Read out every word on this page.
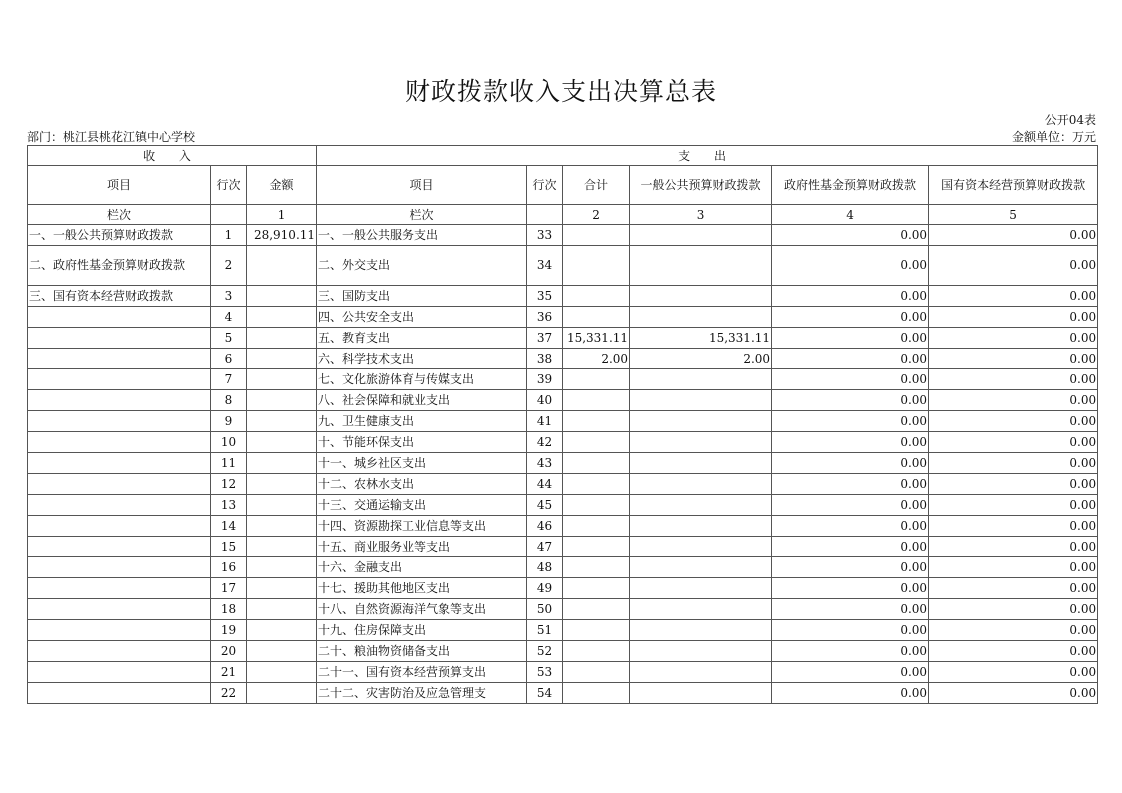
财政拨款收入支出决算总表
公开04表
部门：桃江县桃花江镇中心学校	金额单位：万元
收 入			支 出					
项目	行次	金额	项目	行次	合计	一般公共预算财政拨款	政府性基金预算财政拨款	国有资本经营预算财政拨款
栏次		1	栏次		2	3	4	5
一、一般公共预算财政拨款	1	28,910.11	一、一般公共服务支出	33			0.00	0.00
二、政府性基金预算财政拨款	2		二、外交支出	34			0.00	0.00
三、国有资本经营财政拨款	3		三、国防支出	35			0.00	0.00
	4		四、公共安全支出	36			0.00	0.00
	5		五、教育支出	37	15,331.11	15,331.11	0.00	0.00
	6		六、科学技术支出	38	2.00	2.00	0.00	0.00
	7		七、文化旅游体育与传媒支出	39			0.00	0.00
	8		八、社会保障和就业支出	40			0.00	0.00
	9		九、卫生健康支出	41			0.00	0.00
	10		十、节能环保支出	42			0.00	0.00
	11		十一、城乡社区支出	43			0.00	0.00
	12		十二、农林水支出	44			0.00	0.00
	13		十三、交通运输支出	45			0.00	0.00
	14		十四、资源勘探工业信息等支出	46			0.00	0.00
	15		十五、商业服务业等支出	47			0.00	0.00
	16		十六、金融支出	48			0.00	0.00
	17		十七、援助其他地区支出	49			0.00	0.00
	18		十八、自然资源海洋气象等支出	50			0.00	0.00
	19		十九、住房保障支出	51			0.00	0.00
	20		二十、粮油物资储备支出	52			0.00	0.00
	21		二十一、国有资本经营预算支出	53			0.00	0.00
	22		二十二、灾害防治及应急管理支	54			0.00	0.00
